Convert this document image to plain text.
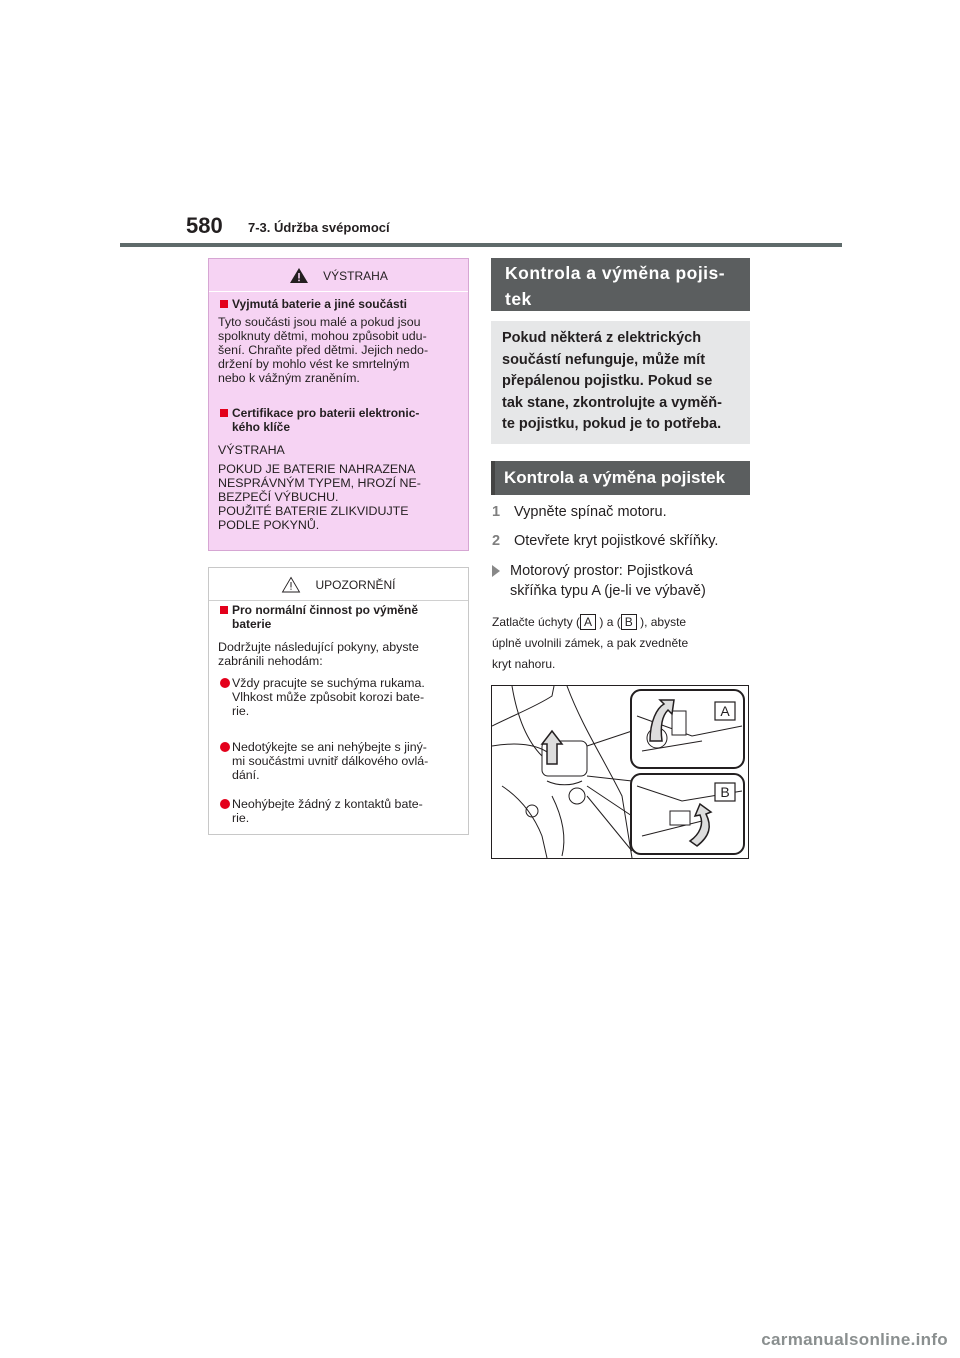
580 7-3. Údržba svépomocí
VÝSTRAHA
Vyjmutá baterie a jiné součásti
Tyto součásti jsou malé a pokud jsou
spolknuty dětmi, mohou způsobit udu-
šení. Chraňte před dětmi. Jejich nedo-
držení by mohlo vést ke smrtelným
nebo k vážným zraněním.
Certifikace pro baterii elektronic-
kého klíče
VÝSTRAHA
POKUD JE BATERIE NAHRAZENA
NESPRÁVNÝM TYPEM, HROZÍ NE-
BEZPEČÍ VÝBUCHU.
POUŽITÉ BATERIE ZLIKVIDUJTE
PODLE POKYNŮ.
UPOZORNĚNÍ
Pro normální činnost po výměně
baterie
Dodržujte následující pokyny, abyste
zabránili nehodám:
Vždy pracujte se suchýma rukama.
Vlhkost může způsobit korozi bate-
rie.
Nedotýkejte se ani nehýbejte s jiný-
mi součástmi uvnitř dálkového ovlá-
dání.
Neohýbejte žádný z kontaktů bate-
rie.
Kontrola a výměna pojis-
tek
Pokud některá z elektrických
součástí nefunguje, může mít
přepálenou pojistku. Pokud se
tak stane, zkontrolujte a vyměň-
te pojistku, pokud je to potřeba.
Kontrola a výměna pojistek
1 Vypněte spínač motoru.
2 Otevřete kryt pojistkové skříňky.
Motorový prostor: Pojistková
skříňka typu A (je-li ve výbavě)
Zatlačte úchyty ( A ) a ( B ), abyste
úplně uvolnili zámek, a pak zvedněte
kryt nahoru.
A
B
carmanualsonline.info
